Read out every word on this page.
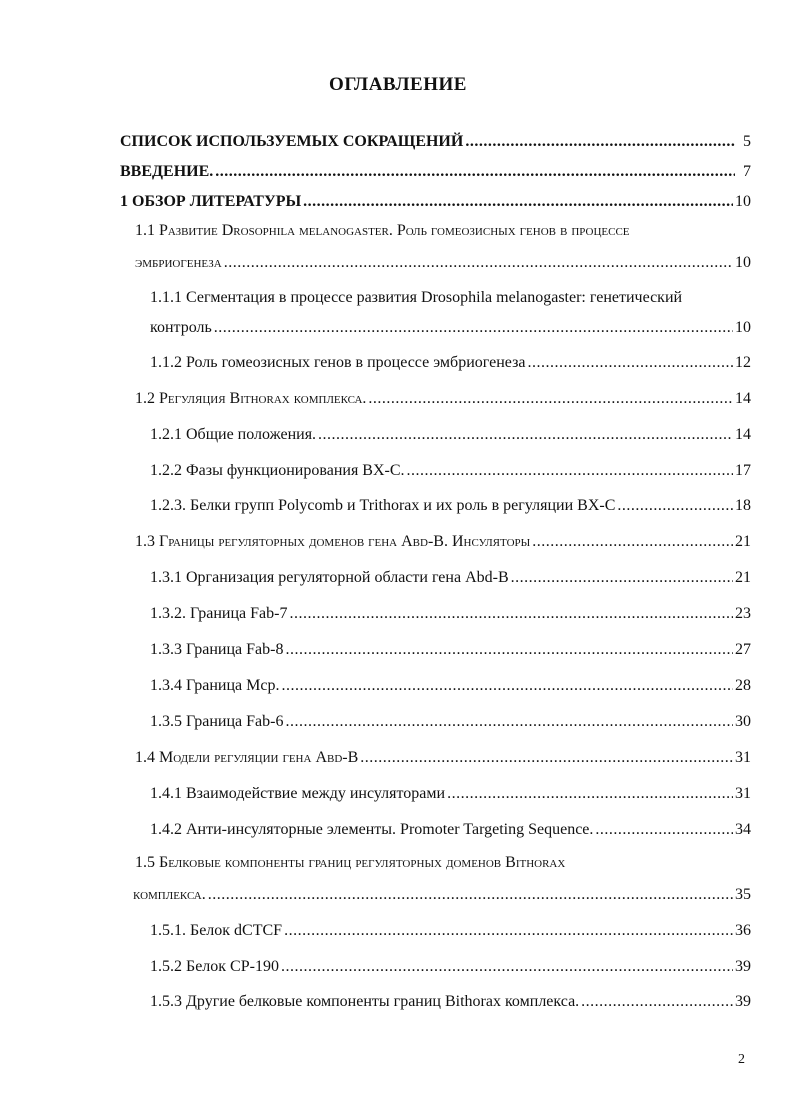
ОГЛАВЛЕНИЕ
СПИСОК ИСПОЛЬЗУЕМЫХ СОКРАЩЕНИЙ .....	5
ВВЕДЕНИЕ. .....	7
1 ОБЗОР ЛИТЕРАТУРЫ .....	10
1.1 Развитие Drosophila melanogaster. Роль гомеозисных генов в процессе
эмбриогенеза .....	10
1.1.1 Сегментация в процессе развития Drosophila melanogaster: генетический
контроль .....	10
1.1.2 Роль гомеозисных генов в процессе эмбриогенеза .....	12
1.2 Регуляция Bithorax комплекса. .....	14
1.2.1 Общие положения. .....	14
1.2.2 Фазы функционирования BX-C. .....	17
1.2.3. Белки групп Polycomb и Trithorax и их роль в регуляции BX-C .....	18
1.3 Границы регуляторных доменов гена Abd-B. Инсуляторы .....	21
1.3.1 Организация регуляторной области гена Abd-B .....	21
1.3.2. Граница Fab-7 .....	23
1.3.3 Граница Fab-8 .....	27
1.3.4 Граница Mcp. .....	28
1.3.5 Граница Fab-6 .....	30
1.4 Модели регуляции гена Abd-B .....	31
1.4.1 Взаимодействие между инсуляторами .....	31
1.4.2 Анти-инсуляторные элементы. Promoter Targeting Sequence. .....	34
1.5 Белковые компоненты границ регуляторных доменов Bithorax
комплекса. .....	35
1.5.1. Белок dCTCF .....	36
1.5.2 Белок CP-190 .....	39
1.5.3 Другие белковые компоненты границ Bithorax комплекса. .....	39
2
